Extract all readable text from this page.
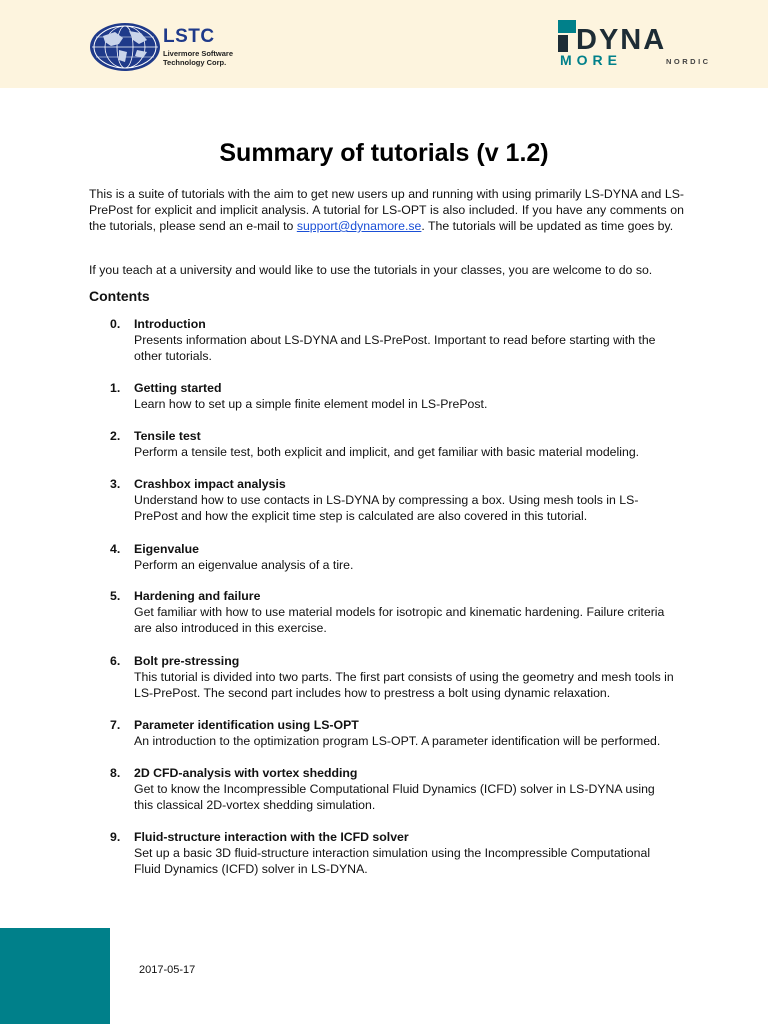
LSTC
Livermore Software
Technology Corp.
DYNA
MORE	NORDIC
Summary of tutorials (v 1.2)

This is a suite of tutorials with the aim to get new users up and running with using primarily LS-DYNA and LS-PrePost for explicit and implicit analysis. A tutorial for LS-OPT is also included. If you have any comments on the tutorials, please send an e-mail to support@dynamore.se. The tutorials will be updated as time goes by.

If you teach at a university and would like to use the tutorials in your classes, you are welcome to do so.

Contents
0. Introduction
Presents information about LS-DYNA and LS-PrePost. Important to read before starting with the other tutorials.
1. Getting started
Learn how to set up a simple finite element model in LS-PrePost.
2. Tensile test
Perform a tensile test, both explicit and implicit, and get familiar with basic material modeling.
3. Crashbox impact analysis
Understand how to use contacts in LS-DYNA by compressing a box. Using mesh tools in LS-PrePost and how the explicit time step is calculated are also covered in this tutorial.
4. Eigenvalue
Perform an eigenvalue analysis of a tire.
5. Hardening and failure
Get familiar with how to use material models for isotropic and kinematic hardening. Failure criteria are also introduced in this exercise.
6. Bolt pre-stressing
This tutorial is divided into two parts. The first part consists of using the geometry and mesh tools in LS-PrePost. The second part includes how to prestress a bolt using dynamic relaxation.
7. Parameter identification using LS-OPT
An introduction to the optimization program LS-OPT. A parameter identification will be performed.
8. 2D CFD-analysis with vortex shedding
Get to know the Incompressible Computational Fluid Dynamics (ICFD) solver in LS-DYNA using this classical 2D-vortex shedding simulation.
9. Fluid-structure interaction with the ICFD solver
Set up a basic 3D fluid-structure interaction simulation using the Incompressible Computational Fluid Dynamics (ICFD) solver in LS-DYNA.
2017-05-17
